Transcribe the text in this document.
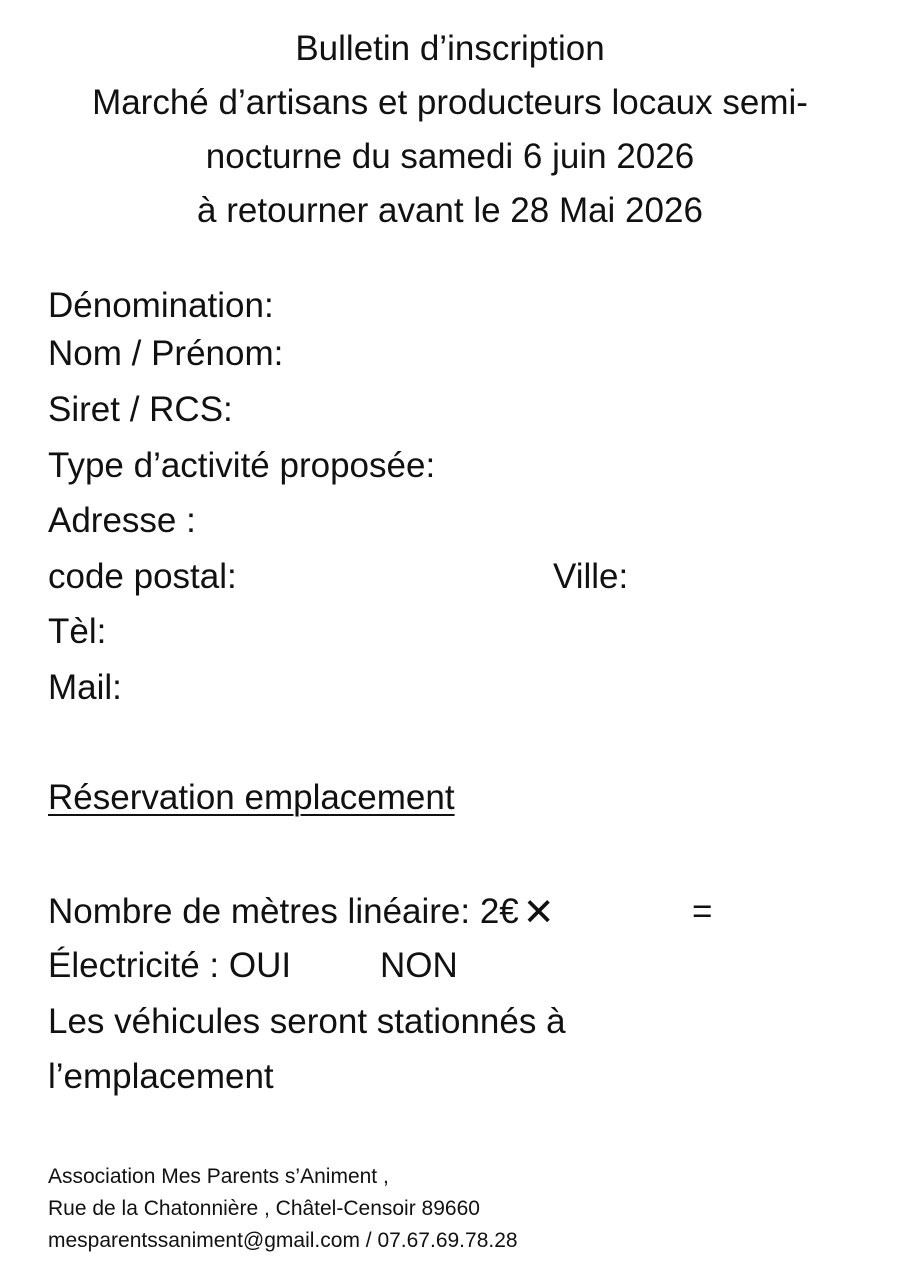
Bulletin d’inscription
Marché d’artisans et producteurs locaux semi-
nocturne du samedi 6 juin 2026
à retourner avant le 28 Mai 2026
Dénomination:
Nom / Prénom:
Siret / RCS:
Type d’activité proposée:
Adresse :
code postal:	Ville:
Tèl:
Mail:
Réservation emplacement
Nombre de mètres linéaire: 2€ ✕	=
Électricité : OUI	NON
Les véhicules seront stationnés à
l’emplacement
Association Mes Parents s’Animent ,
Rue de la Chatonnière , Châtel-Censoir 89660
mesparentssaniment@gmail.com / 07.67.69.78.28
